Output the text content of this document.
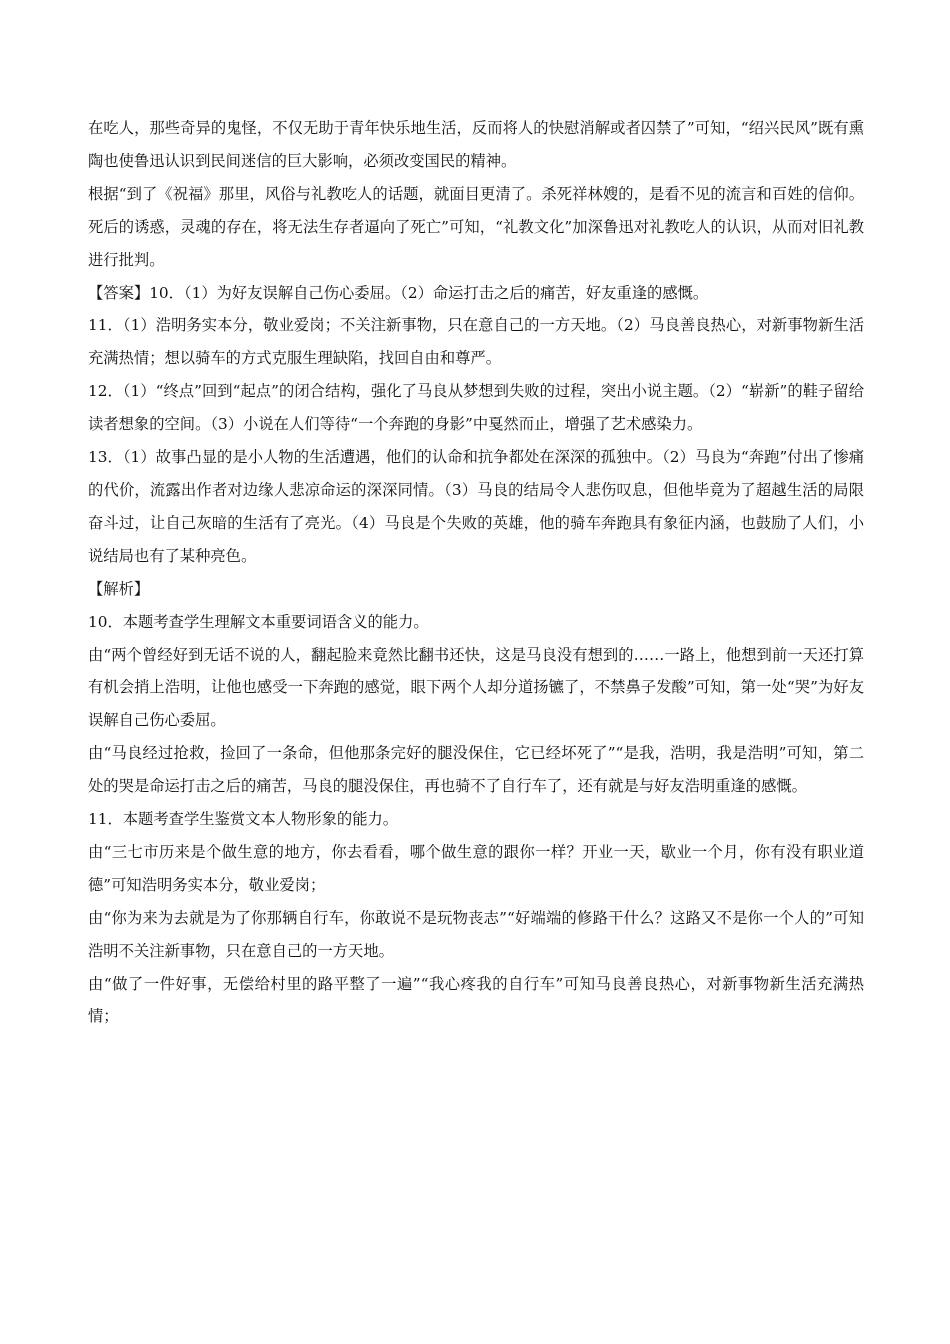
在吃人，那些奇异的鬼怪，不仅无助于青年快乐地生活，反而将人的快慰消解或者囚禁了”可知，“绍兴民风”既有熏陶也使鲁迅认识到民间迷信的巨大影响，必须改变国民的精神。

根据“到了《祝福》那里，风俗与礼教吃人的话题，就面目更清了。杀死祥林嫂的，是看不见的流言和百姓的信仰。死后的诱惑，灵魂的存在，将无法生存者逼向了死亡”可知，“礼教文化”加深鲁迅对礼教吃人的认识，从而对旧礼教进行批判。

【答案】10．（1）为好友误解自己伤心委屈。（2）命运打击之后的痛苦，好友重逢的感慨。

11．（1）浩明务实本分，敬业爱岗；不关注新事物，只在意自己的一方天地。（2）马良善良热心，对新事物新生活充满热情；想以骑车的方式克服生理缺陷，找回自由和尊严。

12．（1）“终点”回到“起点”的闭合结构，强化了马良从梦想到失败的过程，突出小说主题。（2）“崭新”的鞋子留给读者想象的空间。（3）小说在人们等待“一个奔跑的身影”中戛然而止，增强了艺术感染力。

13．（1）故事凸显的是小人物的生活遭遇，他们的认命和抗争都处在深深的孤独中。（2）马良为“奔跑”付出了惨痛的代价，流露出作者对边缘人悲凉命运的深深同情。（3）马良的结局令人悲伤叹息，但他毕竟为了超越生活的局限奋斗过，让自己灰暗的生活有了亮光。（4）马良是个失败的英雄，他的骑车奔跑具有象征内涵，也鼓励了人们，小说结局也有了某种亮色。

【解析】

10．本题考查学生理解文本重要词语含义的能力。

由“两个曾经好到无话不说的人，翻起脸来竟然比翻书还快，这是马良没有想到的……一路上，他想到前一天还打算有机会捎上浩明，让他也感受一下奔跑的感觉，眼下两个人却分道扬镳了，不禁鼻子发酸”可知，第一处“哭”为好友误解自己伤心委屈。

由“马良经过抢救，捡回了一条命，但他那条完好的腿没保住，它已经坏死了”“是我，浩明，我是浩明”可知，第二处的哭是命运打击之后的痛苦，马良的腿没保住，再也骑不了自行车了，还有就是与好友浩明重逢的感慨。

11．本题考查学生鉴赏文本人物形象的能力。

由“三七市历来是个做生意的地方，你去看看，哪个做生意的跟你一样？开业一天，歇业一个月，你有没有职业道德”可知浩明务实本分，敬业爱岗；

由“你为来为去就是为了你那辆自行车，你敢说不是玩物丧志”“好端端的修路干什么？这路又不是你一个人的”可知浩明不关注新事物，只在意自己的一方天地。

由“做了一件好事，无偿给村里的路平整了一遍”“我心疼我的自行车”可知马良善良热心，对新事物新生活充满热情；
